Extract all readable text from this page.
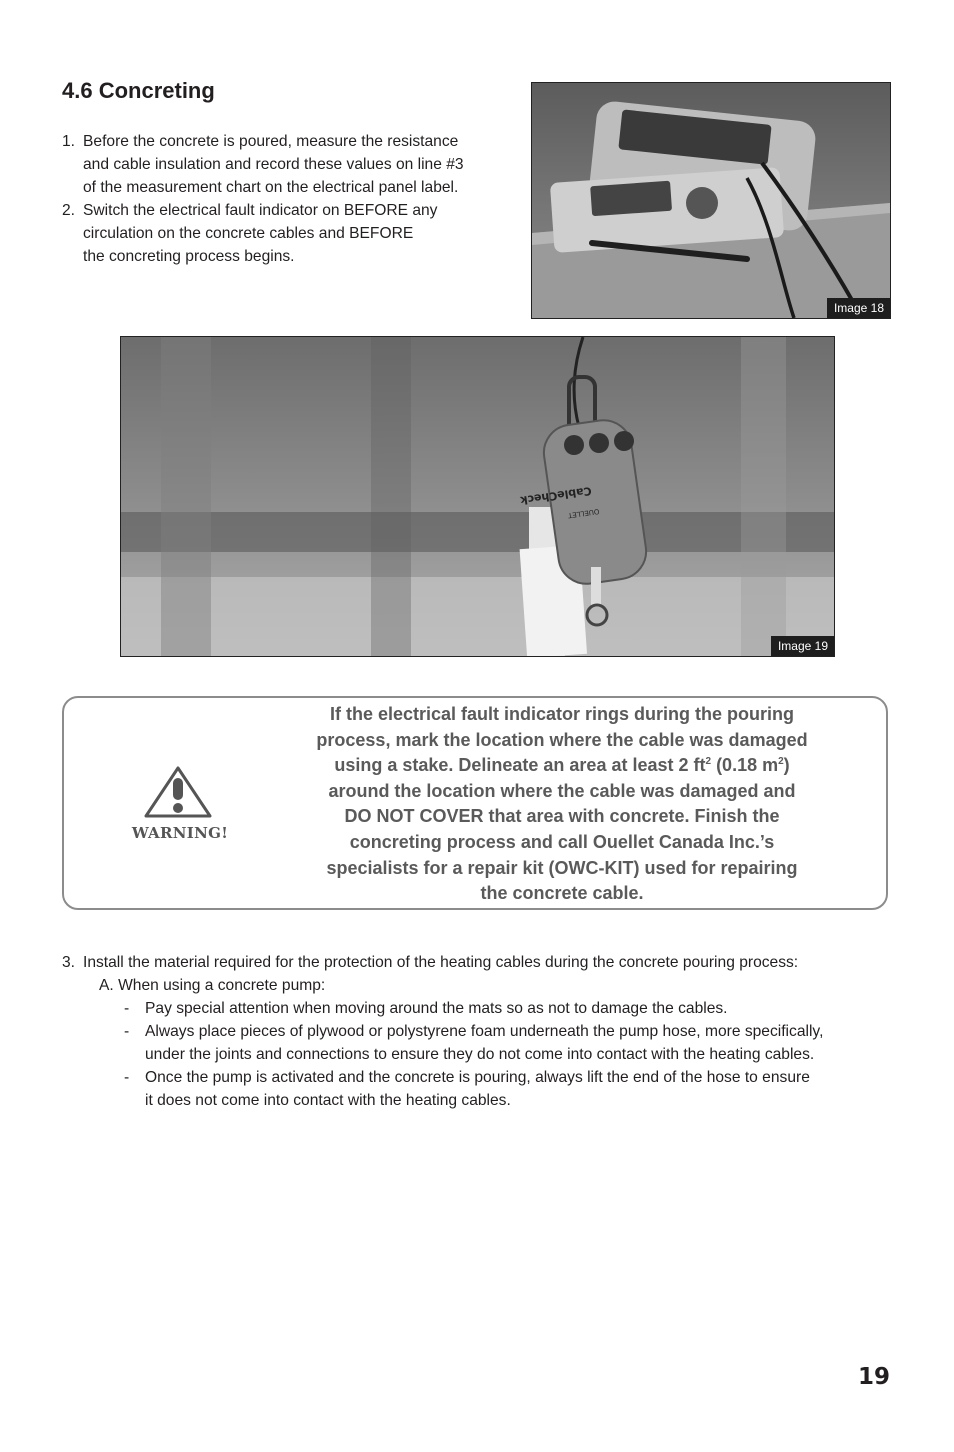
4.6 Concreting
1. Before the concrete is poured, measure the resistance
and cable insulation and record these values on line #3
of the measurement chart on the electrical panel label.
2. Switch the electrical fault indicator on BEFORE any
circulation on the concrete cables and BEFORE
the concreting process begins.
Image 18
CableCheck
OUELLET
Image 19
WARNING!
If the electrical fault indicator rings during the pouring
process, mark the location where the cable was damaged
using a stake. Delineate an area at least 2 $ft^2$ (0.18 $m^2$)
around the location where the cable was damaged and
DO NOT COVER that area with concrete. Finish the
concreting process and call Ouellet Canada Inc.’s
specialists for a repair kit (OWC-KIT) used for repairing
the concrete cable.
3. Install the material required for the protection of the heating cables during the concrete pouring process:
A. When using a concrete pump:
- Pay special attention when moving around the mats so as not to damage the cables.
- Always place pieces of plywood or polystyrene foam underneath the pump hose, more specifically,
under the joints and connections to ensure they do not come into contact with the heating cables.
- Once the pump is activated and the concrete is pouring, always lift the end of the hose to ensure
it does not come into contact with the heating cables.
19
